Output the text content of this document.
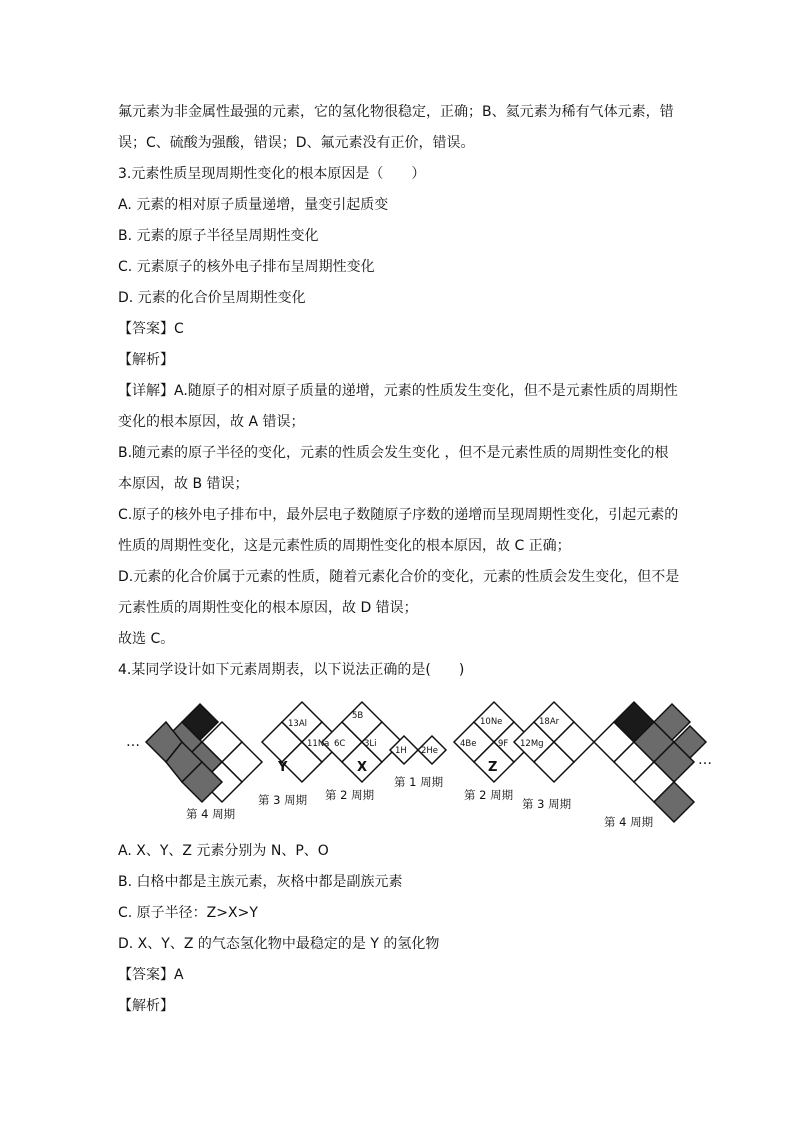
氟元素为非金属性最强的元素，它的氢化物很稳定，正确；B、氦元素为稀有气体元素，错
误；C、硫酸为强酸，错误；D、氟元素没有正价，错误。
3.元素性质呈现周期性变化的根本原因是（　　）
A. 元素的相对原子质量递增，量变引起质变
B. 元素的原子半径呈周期性变化
C. 元素原子的核外电子排布呈周期性变化
D. 元素的化合价呈周期性变化
【答案】C
【解析】
【详解】A.随原子的相对原子质量的递增，元素的性质发生变化，但不是元素性质的周期性
变化的根本原因，故 A 错误；
B.随元素的原子半径的变化，元素的性质会发生变化 ，但不是元素性质的周期性变化的根
本原因，故 B 错误；
C.原子的核外电子排布中，最外层电子数随原子序数的递增而呈现周期性变化，引起元素的
性质的周期性变化，这是元素性质的周期性变化的根本原因，故 C 正确；
D.元素的化合价属于元素的性质，随着元素化合价的变化，元素的性质会发生变化，但不是
元素性质的周期性变化的根本原因，故 D 错误；
故选 C。
4.某同学设计如下元素周期表，以下说法正确的是(　　)
…
…
13Al
11Na
5B
6C 3Li
1H 2He
10Ne
4Be	9F
18Ar
12Mg
Y	X	Z
第 4 周期
第 3 周期 第 2 周期
第 1 周期
第 2 周期
第 3 周期
第 4 周期
A. X、Y、Z 元素分别为 N、P、O
B. 白格中都是主族元素，灰格中都是副族元素
C. 原子半径：Z>X>Y
D. X、Y、Z 的气态氢化物中最稳定的是 Y 的氢化物
【答案】A
【解析】
